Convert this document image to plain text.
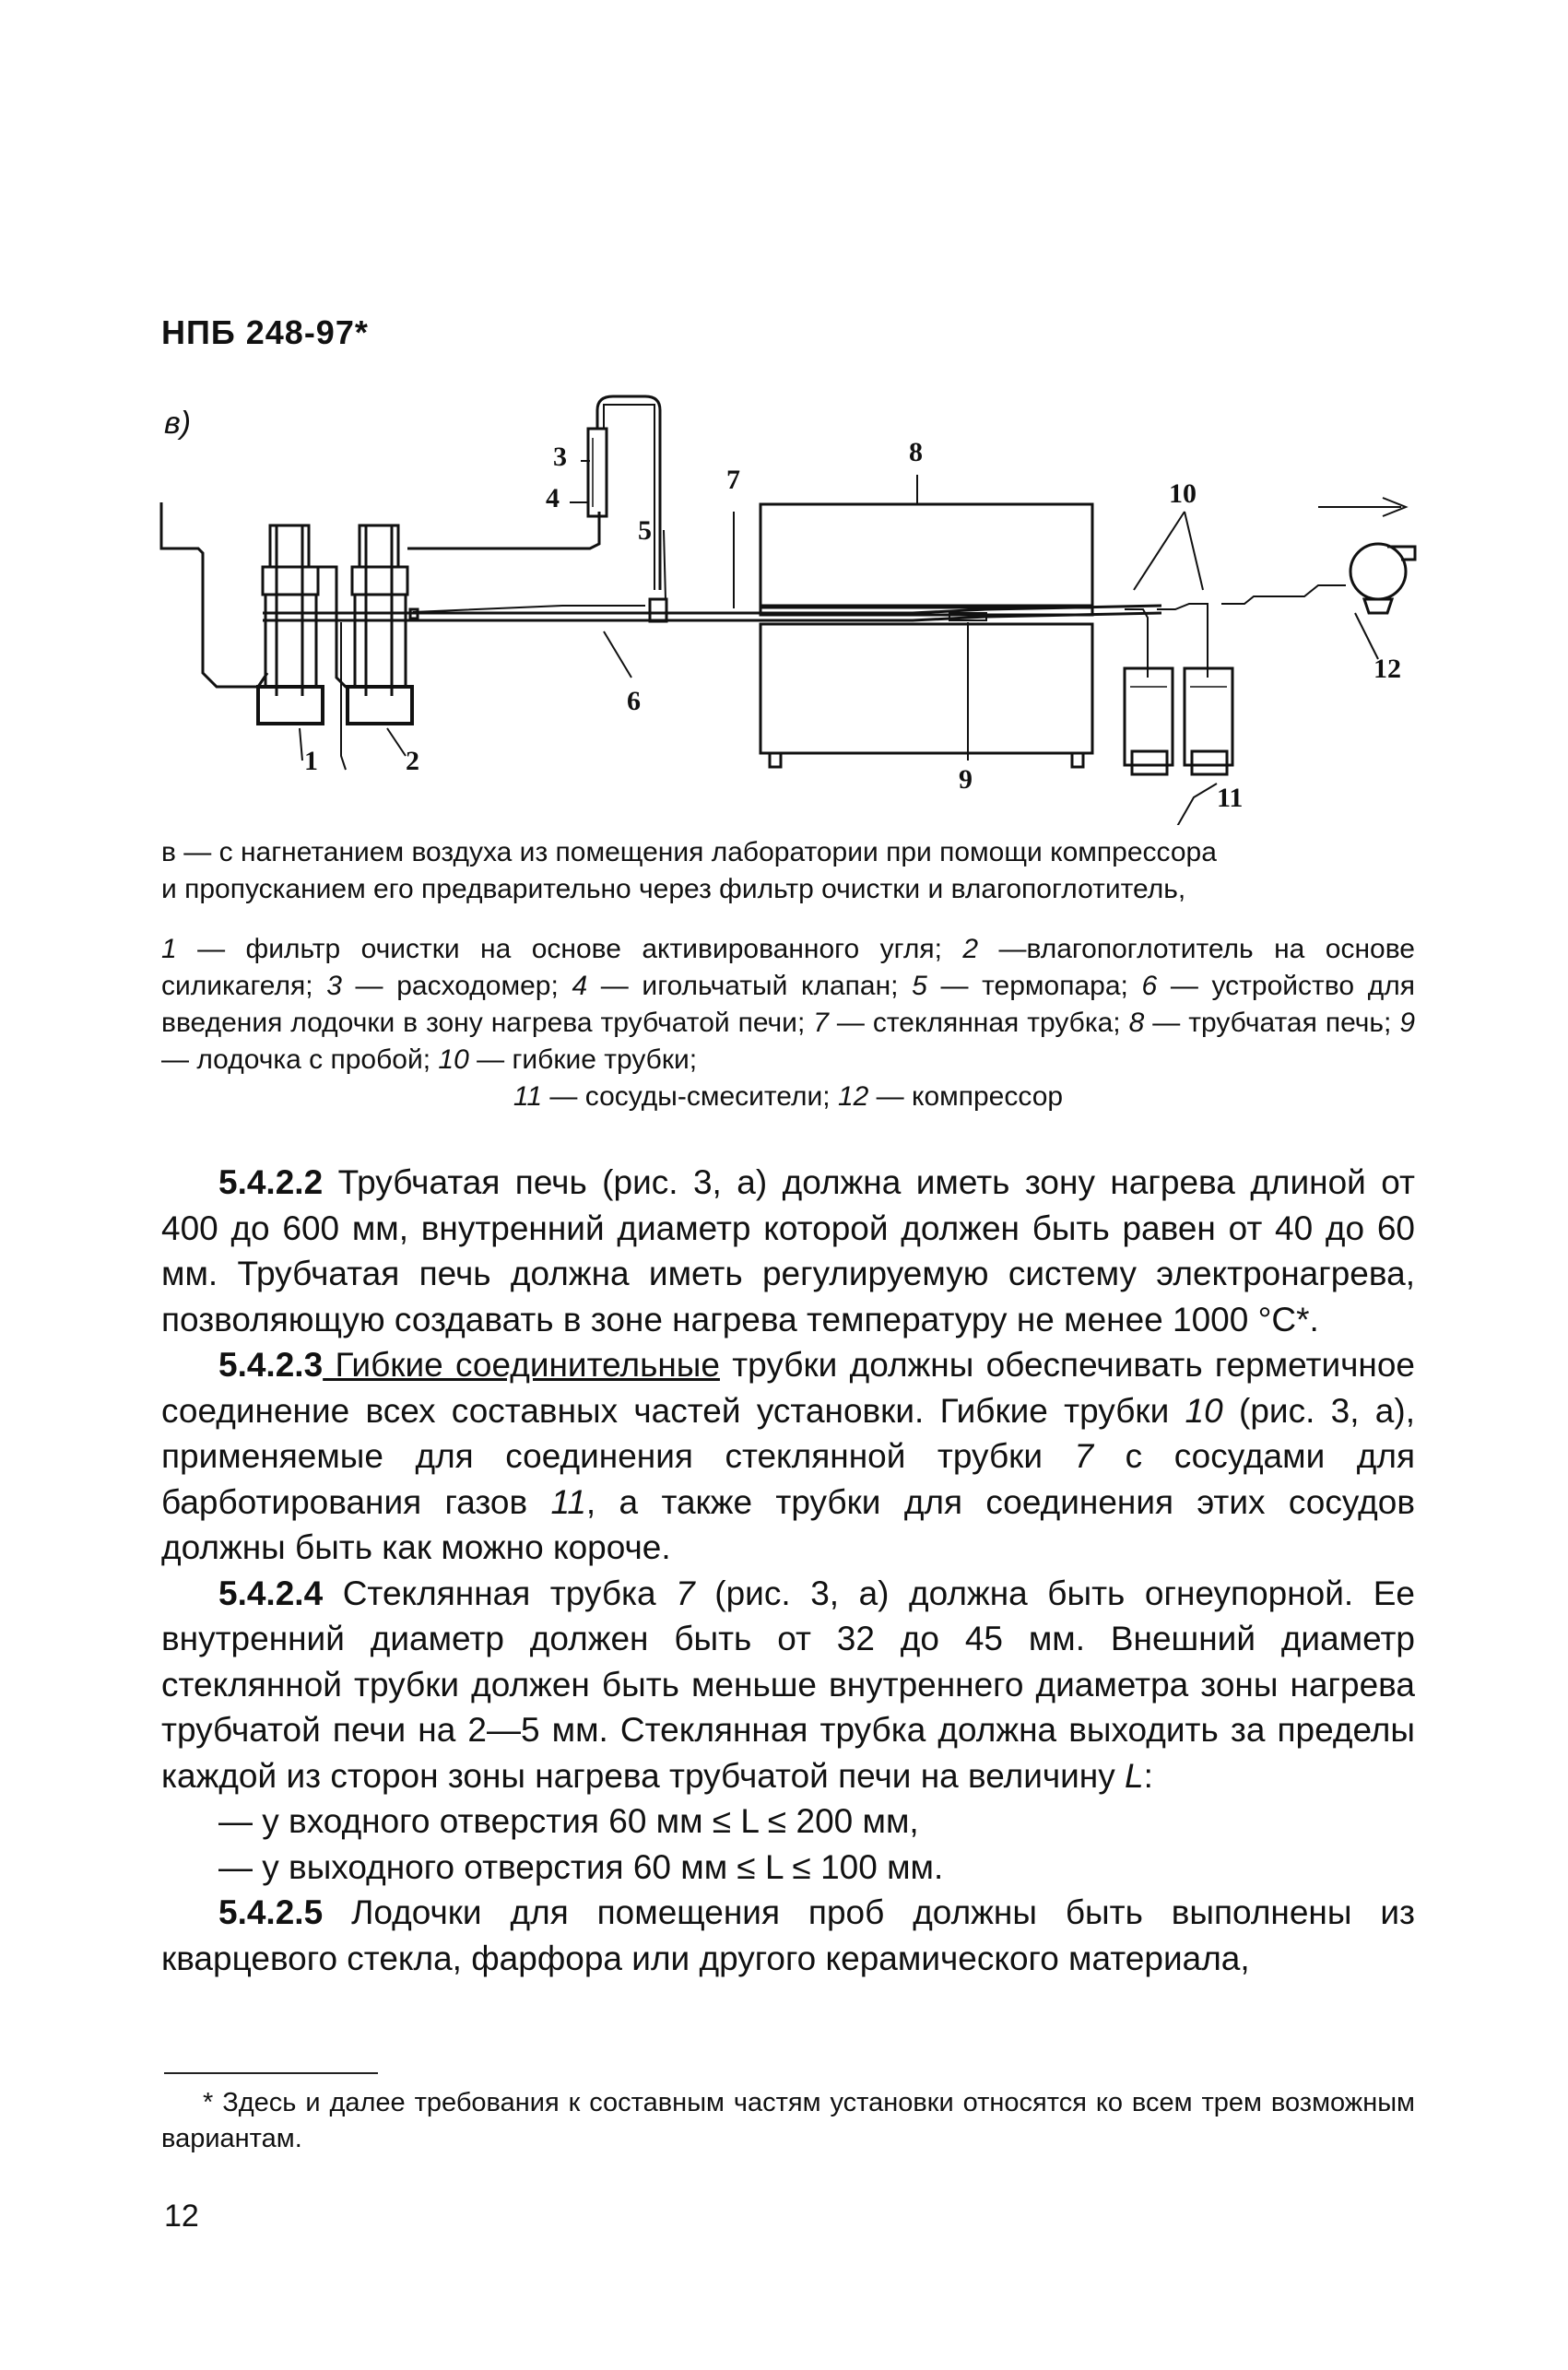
НПБ 248-97*
в)
1	2
3
4
5
6
7
8
9
10
11
12
в — с нагнетанием воздуха из помещения лаборатории при помощи компрессора
и пропусканием его предварительно через фильтр очистки и влагопоглотитель,
1 — фильтр очистки на основе активированного угля; 2 —влагопоглотитель на основе силикагеля; 3 — расходомер; 4 — игольчатый клапан; 5 — термопара; 6 — устройство для введения лодочки в зону нагрева трубчатой печи; 7 — стеклянная трубка; 8 — трубчатая печь; 9 — лодочка с пробой; 10 — гибкие трубки;
11 — сосуды-смесители; 12 — компрессор

5.4.2.2 Трубчатая печь (рис. 3, а) должна иметь зону нагрева длиной от 400 до 600 мм, внутренний диаметр которой должен быть равен от 40 до 60 мм. Трубчатая печь должна иметь регулируемую систему электронагрева, позволяющую создавать в зоне нагрева температуру не менее 1000 °С*.

5.4.2.3 Гибкие соединительные трубки должны обеспечивать герметичное соединение всех составных частей установки. Гибкие трубки 10 (рис. 3, а), применяемые для соединения стеклянной трубки 7 с сосудами для барботирования газов 11, а также трубки для соединения этих сосудов должны быть как можно короче.

5.4.2.4 Стеклянная трубка 7 (рис. 3, а) должна быть огнеупорной. Ее внутренний диаметр должен быть от 32 до 45 мм. Внешний диаметр стеклянной трубки должен быть меньше внутреннего диаметра зоны нагрева трубчатой печи на 2—5 мм. Стеклянная трубка должна выходить за пределы каждой из сторон зоны нагрева трубчатой печи на величину L:

— у входного отверстия 60 мм ≤ L ≤ 200 мм,

— у выходного отверстия 60 мм ≤ L ≤ 100 мм.

5.4.2.5 Лодочки для помещения проб должны быть выполнены из кварцевого стекла, фарфора или другого керамического материала,

* Здесь и далее требования к составным частям установки относятся ко всем трем возможным вариантам.
12
